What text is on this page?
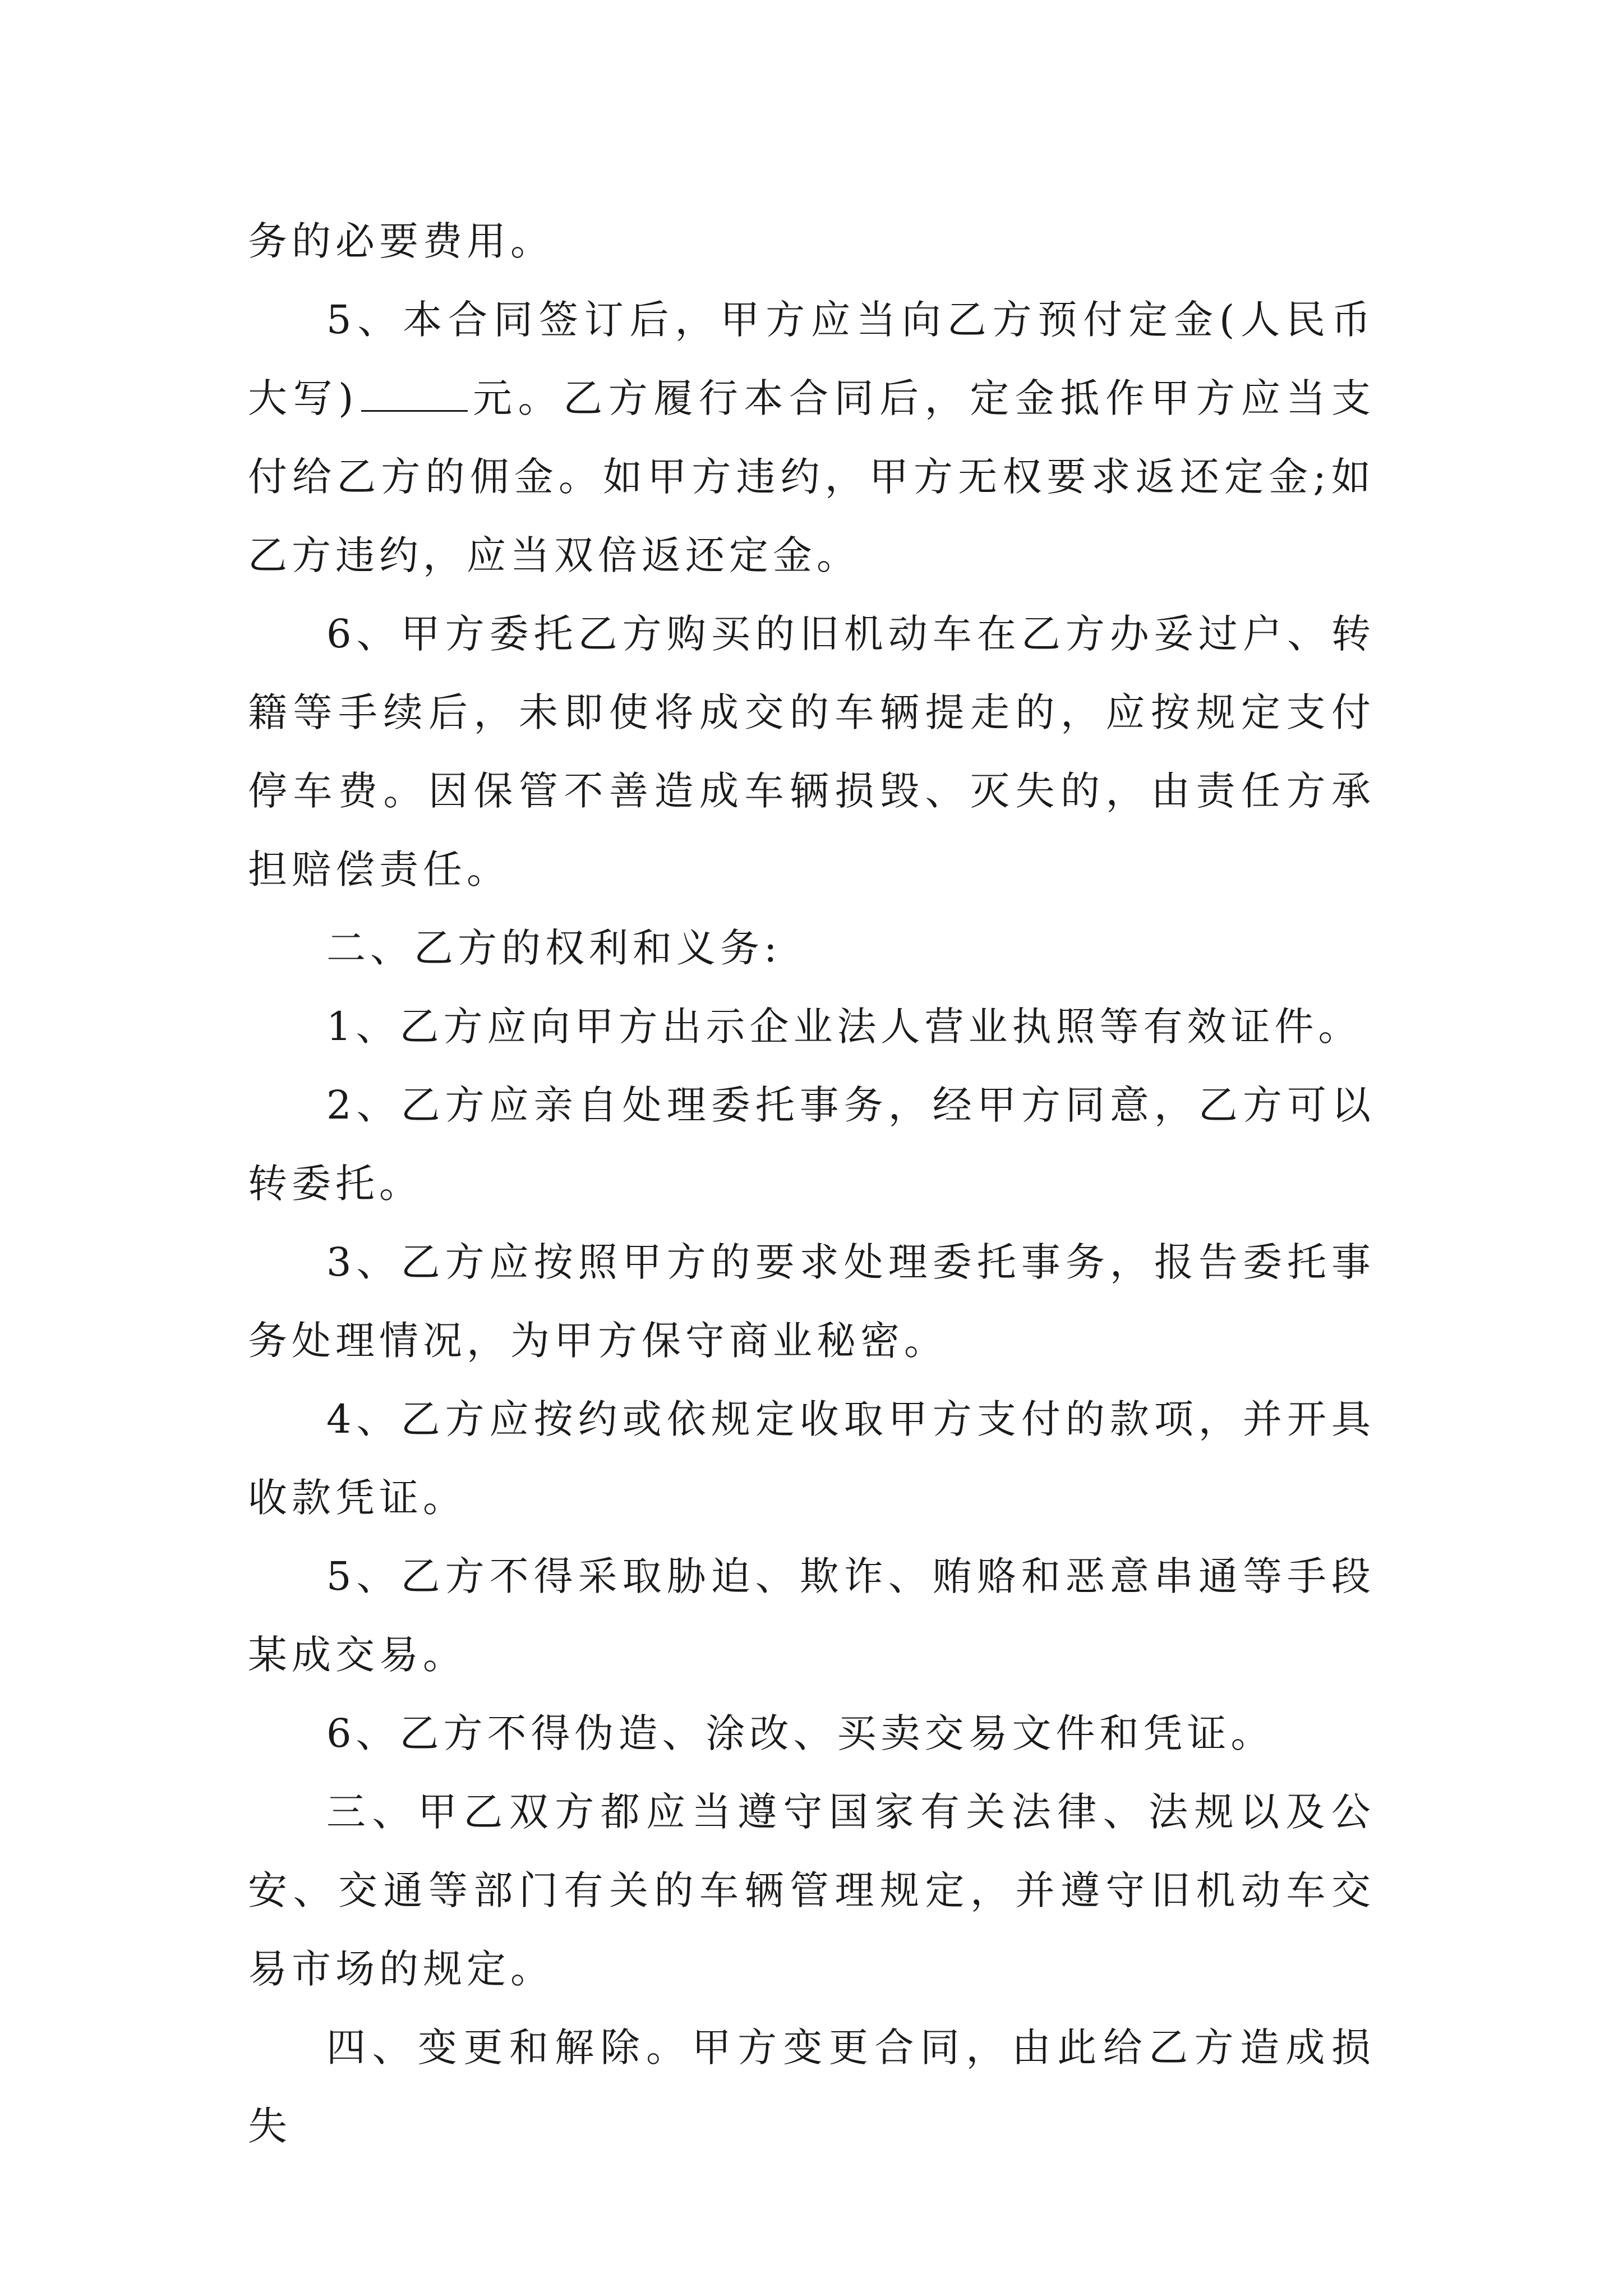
务的必要费用。

5、本合同签订后，甲方应当向乙方预付定金(人民币大写)	元。乙方履行本合同后，定金抵作甲方应当支付给乙方的佣金。如甲方违约，甲方无权要求返还定金;如乙方违约，应当双倍返还定金。

6、甲方委托乙方购买的旧机动车在乙方办妥过户、转籍等手续后，未即使将成交的车辆提走的，应按规定支付停车费。因保管不善造成车辆损毁、灭失的，由责任方承担赔偿责任。

二、乙方的权利和义务:

1、乙方应向甲方出示企业法人营业执照等有效证件。

2、乙方应亲自处理委托事务，经甲方同意，乙方可以转委托。

3、乙方应按照甲方的要求处理委托事务，报告委托事务处理情况，为甲方保守商业秘密。

4、乙方应按约或依规定收取甲方支付的款项，并开具收款凭证。

5、乙方不得采取胁迫、欺诈、贿赂和恶意串通等手段某成交易。

6、乙方不得伪造、涂改、买卖交易文件和凭证。

三、甲乙双方都应当遵守国家有关法律、法规以及公安、交通等部门有关的车辆管理规定，并遵守旧机动车交易市场的规定。

四、变更和解除。甲方变更合同，由此给乙方造成损失
